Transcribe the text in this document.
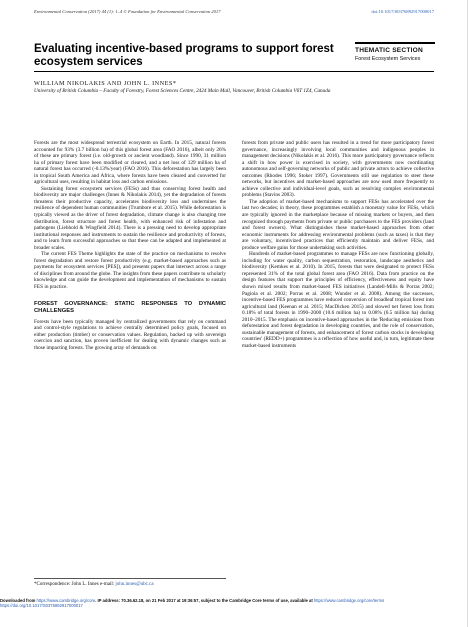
Environmental Conservation (2017) 44 (1): 1–4 © Foundation for Environmental Conservation 2017	doi:10.1017/S0376892917000017
Evaluating incentive-based programs to support forest ecosystem services
THEMATIC SECTION
Forest Ecosystem Services
WILLIAM NIKOLAKIS AND JOHN L. INNES*
University of British Columbia – Faculty of Forestry, Forest Sciences Centre, 2424 Main Mall, Vancouver, British Columbia V6T 1Z4, Canada

Forests are the most widespread terrestrial ecosystem on Earth. In 2015, natural forests accounted for 93% (3.7 billion ha) of this global forest area (FAO 2016), albeit only 26% of these are primary forest (i.e. old-growth or ancient woodland). Since 1990, 31 million ha of primary forest have been modified or cleared, and a net loss of 129 million ha of natural forest has occurred (-0.13%/year) (FAO 2016). This deforestation has largely been in tropical South America and Africa, where forests have been cleared and converted for agricultural uses, resulting in habitat loss and carbon emissions.

Sustaining forest ecosystem services (FESs) and thus conserving forest health and biodiversity are major challenges (Innes & Nikolakis 2014), yet the degradation of forests threatens their productive capacity, accelerates biodiversity loss and undermines the resilience of dependent human communities (Trumbore et al. 2015). While deforestation is typically viewed as the driver of forest degradation, climate change is also changing tree distribution, forest structure and forest health, with enhanced risk of infestation and pathogens (Liebhold & Wingfield 2014). There is a pressing need to develop appropriate institutional responses and instruments to sustain the resilience and productivity of forests, and to learn from successful approaches so that these can be adapted and implemented at broader scales.

The current FES Theme highlights the state of the practice on mechanisms to resolve forest degradation and restore forest productivity (e.g. market-based approaches such as payments for ecosystem services [PES]), and presents papers that intersect across a range of disciplines from around the globe. The insights from these papers contribute to scholarly knowledge and can guide the development and implementation of mechanisms to sustain FES in practice.

FOREST GOVERNANCE: STATIC RESPONSES TO DYNAMIC CHALLENGES

Forests have been typically managed by centralized governments that rely on command and control-style regulations to achieve centrally determined policy goals, focused on either production (timber) or conservation values. Regulation, backed up with sovereign coercion and sanction, has proven inefficient for dealing with dynamic changes such as those impacting forests. The growing array of demands on

forests from private and public users has resulted in a trend for more participatory forest governance, increasingly involving local communities and indigenous peoples in management decisions (Nikolakis et al. 2016). This more participatory governance reflects a shift in how power is exercised in society, with governments now coordinating autonomous and self-governing networks of public and private actors to achieve collective outcomes (Rhodes 1996; Stoker 1997). Governments still use regulation to steer these networks, but incentives and market-based approaches are now used more frequently to achieve collective and individual-level goals, such as resolving complex environmental problems (Stavins 2003).

The adoption of market-based mechanisms to support FESs has accelerated over the last two decades; in theory, these programmes establish a monetary value for FESs, which are typically ignored in the marketplace because of missing markets or buyers, and then recognized through payments from private or public purchasers to the FES providers (land and forest owners). What distinguishes these market-based approaches from other economic instruments for addressing environmental problems (such as taxes) is that they are voluntary, incentivized practices that efficiently maintain and deliver FESs, and produce welfare gains for those undertaking such activities.

Hundreds of market-based programmes to manage FESs are now functioning globally, including for water quality, carbon sequestration, restoration, landscape aesthetics and biodiversity (Kemkes et al. 2010). In 2015, forests that were designated to protect FESs represented 31% of the total global forest area (FAO 2016). Data from practice on the design features that support the principles of efficiency, effectiveness and equity have shown mixed results from market-based FES initiatives (Landell-Mills & Porras 2002; Pagiola et al. 2002; Porras et al. 2008; Wunder et al. 2008). Among the successes, incentive-based FES programmes have reduced conversion of broadleaf tropical forest into agricultural land (Keenan et al. 2015; MacDicken 2015) and slowed net forest loss from 0.18% of total forests in 1990–2000 (10.6 million ha) to 0.08% (6.5 million ha) during 2010–2015. The emphasis on incentive-based approaches in the 'Reducing emissions from deforestation and forest degradation in developing countries, and the role of conservation, sustainable management of forests, and enhancement of forest carbon stocks in developing countries' (REDD+) programmes is a reflection of how useful and, in turn, legitimate these market-based instruments

*Correspondence: John L. Innes e-mail: john.innes@ubc.ca
Downloaded from https://www.cambridge.org/core. IP address: 70.36.62.18, on 21 Feb 2017 at 19:36:57, subject to the Cambridge Core terms of use, available at https://www.cambridge.org/core/terms
https://doi.org/10.1017/S0376892917000017
